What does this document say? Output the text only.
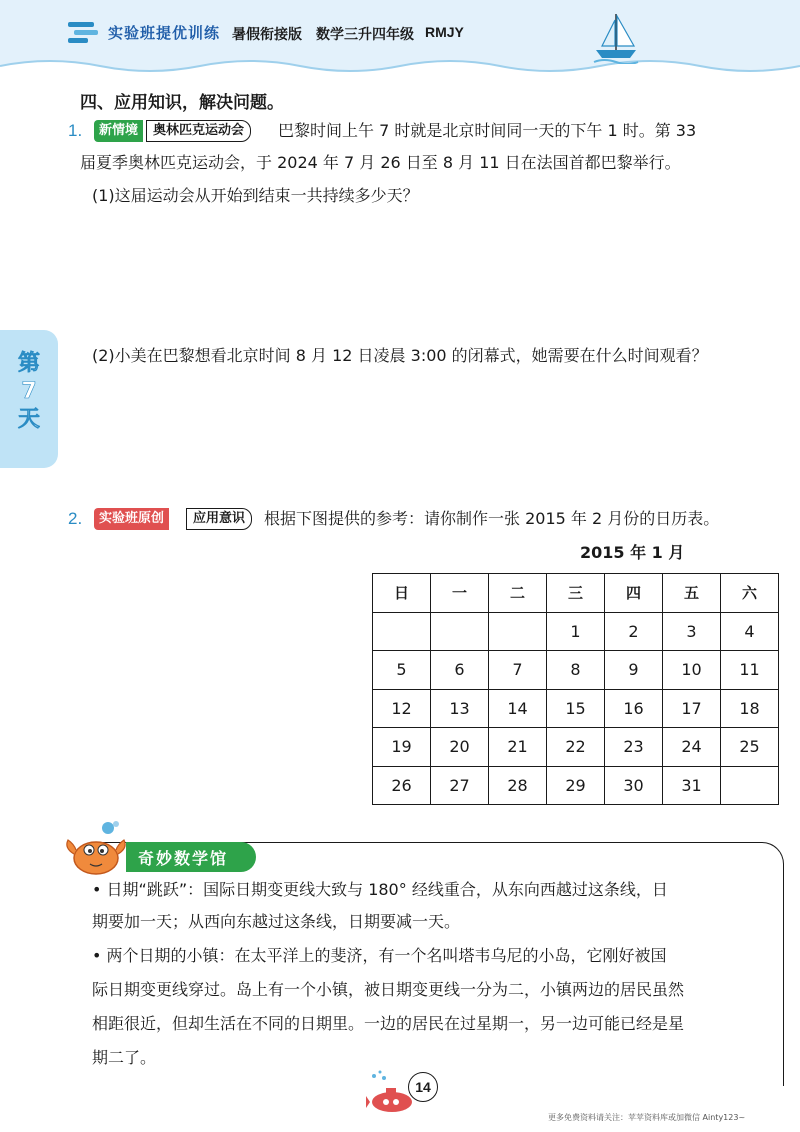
实验班提优训练 暑假衔接版 数学三升四年级 RMJY
第7天
四、应用知识，解决问题。
1.	新情境	奥林匹克运动会	巴黎时间上午 7 时就是北京时间同一天的下午 1 时。第 33
届夏季奥林匹克运动会，于 2024 年 7 月 26 日至 8 月 11 日在法国首都巴黎举行。
(1)这届运动会从开始到结束一共持续多少天？
(2)小美在巴黎想看北京时间 8 月 12 日凌晨 3:00 的闭幕式，她需要在什么时间观看？
2.	实验班原创	应用意识	根据下图提供的参考：请你制作一张 2015 年 2 月份的日历表。
2015 年 1 月
日	一	二	三	四	五	六
			1	2	3	4
5	6	7	8	9	10	11
12	13	14	15	16	17	18
19	20	21	22	23	24	25
26	27	28	29	30	31	
奇妙数学馆
• 日期“跳跃”：国际日期变更线大致与 180° 经线重合，从东向西越过这条线，日
期要加一天；从西向东越过这条线，日期要减一天。
• 两个日期的小镇：在太平洋上的斐济，有一个名叫塔韦乌尼的小岛，它刚好被国
际日期变更线穿过。岛上有一个小镇，被日期变更线一分为二，小镇两边的居民虽然
相距很近，但却生活在不同的日期里。一边的居民在过星期一，另一边可能已经是星
期二了。
14
更多免费资料请关注：苹苹资料库或加微信 Ainty123~
